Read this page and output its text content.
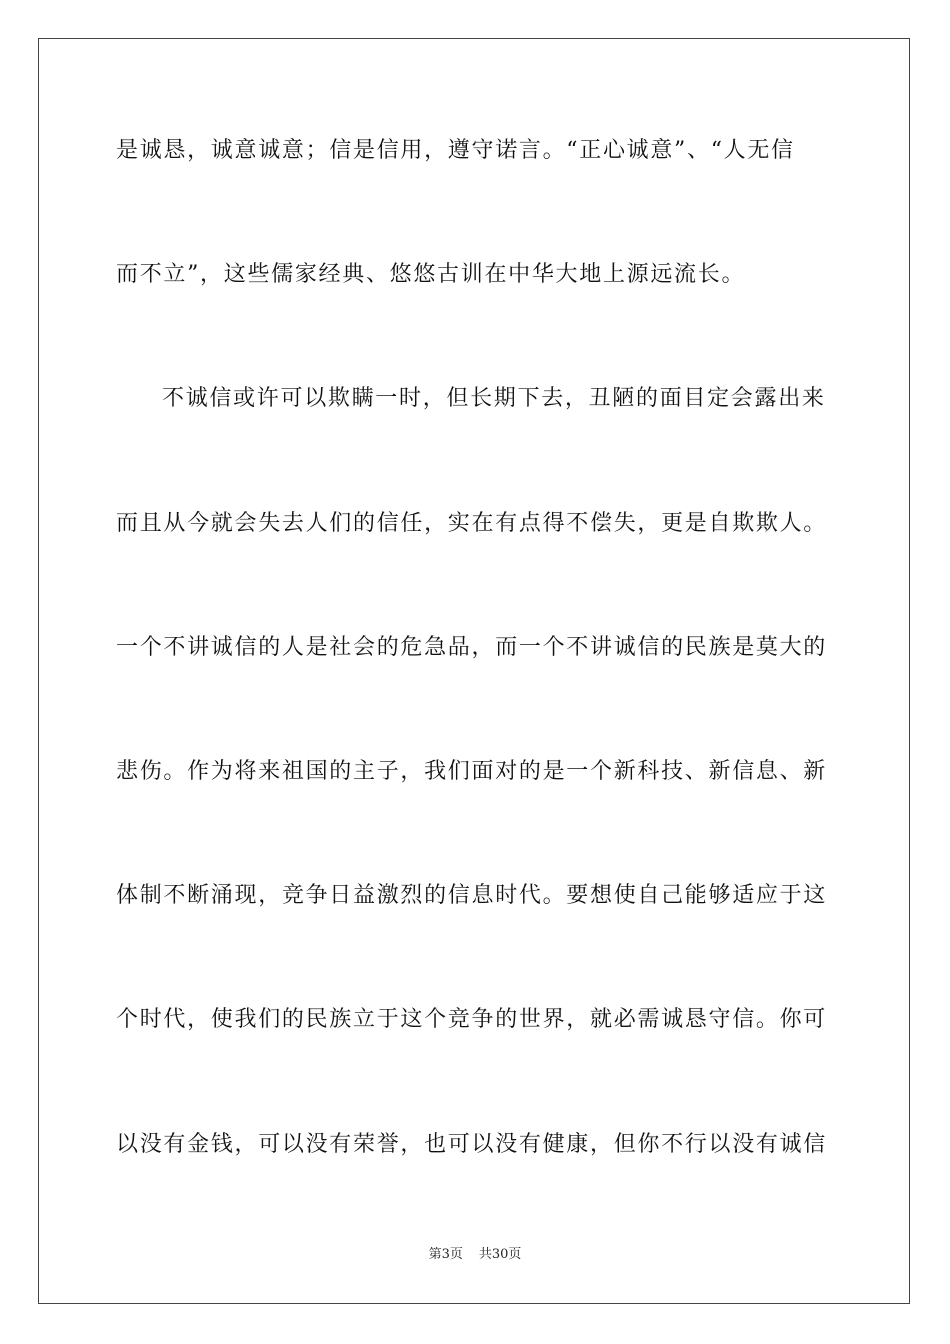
是诚恳，诚意诚意；信是信用，遵守诺言。“正心诚意”、“人无信
而不立”，这些儒家经典、悠悠古训在中华大地上源远流长。
不诚信或许可以欺瞒一时，但长期下去，丑陋的面目定会露出来
而且从今就会失去人们的信任，实在有点得不偿失，更是自欺欺人。
一个不讲诚信的人是社会的危急品，而一个不讲诚信的民族是莫大的
悲伤。作为将来祖国的主子，我们面对的是一个新科技、新信息、新
体制不断涌现，竞争日益激烈的信息时代。要想使自己能够适应于这
个时代，使我们的民族立于这个竞争的世界，就必需诚恳守信。你可
以没有金钱，可以没有荣誉，也可以没有健康，但你不行以没有诚信
第3页 共30页
